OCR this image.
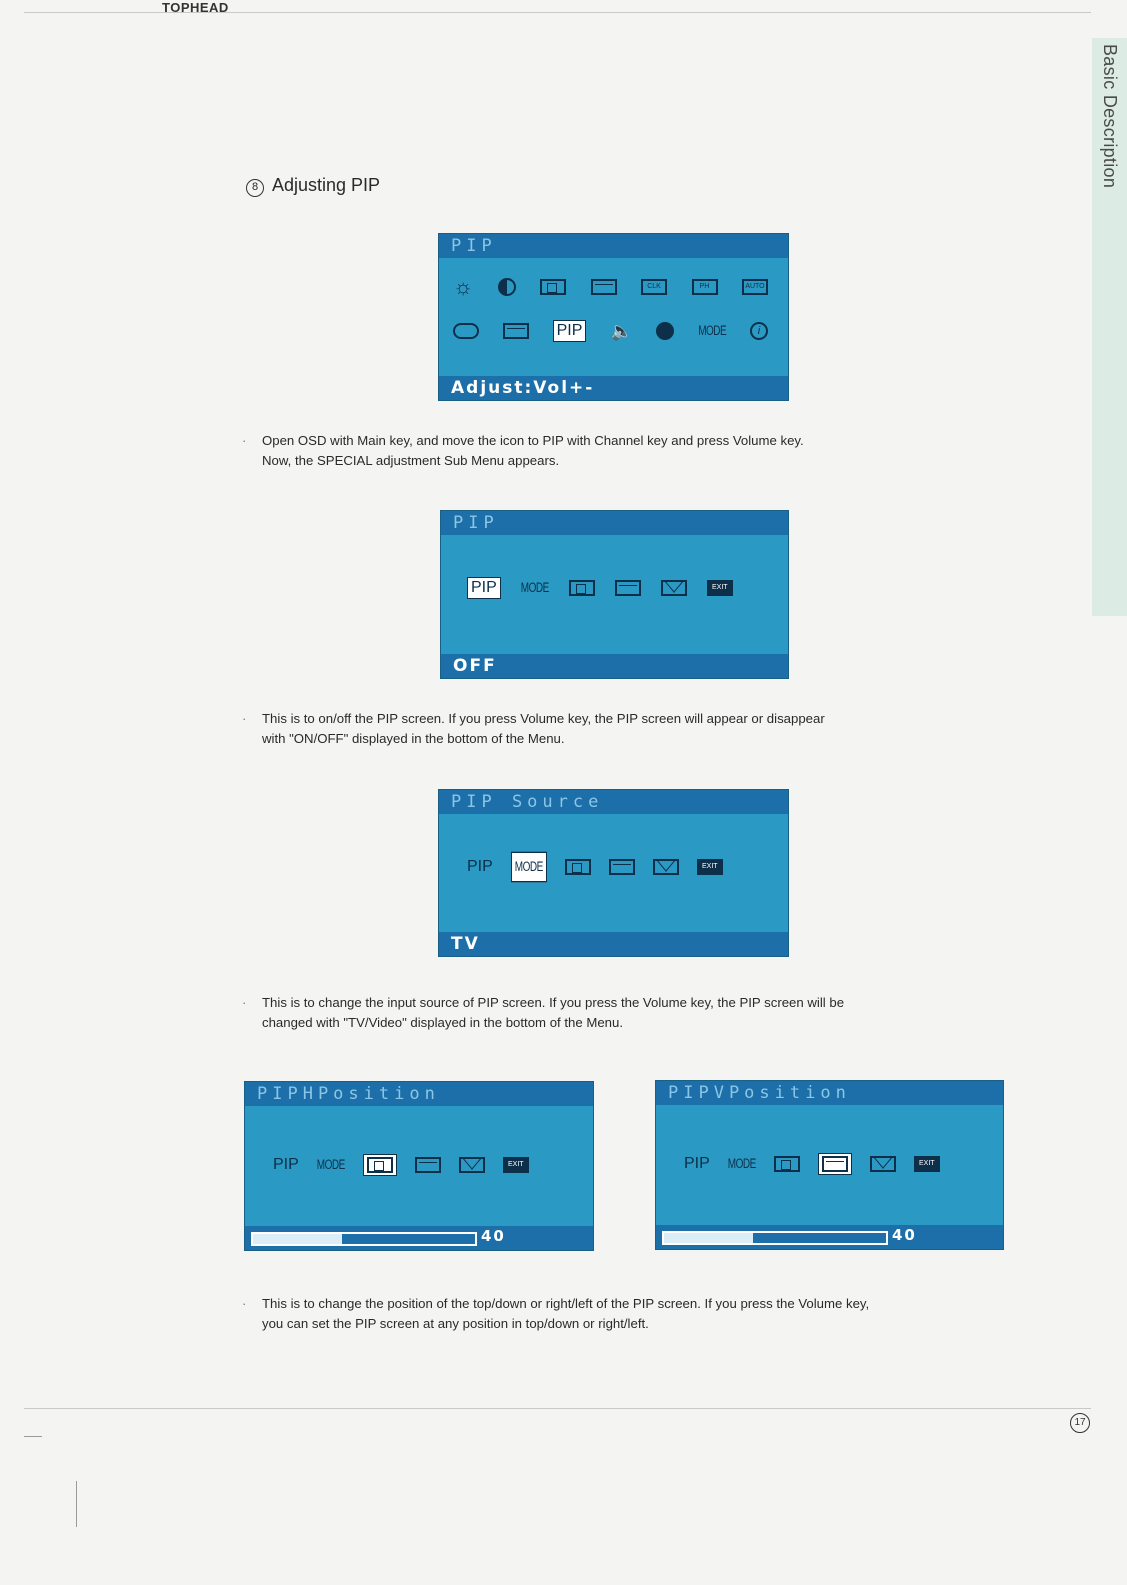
TOPHEAD
Basic Description
8 Adjusting PIP
PIP
☼	CLK	PH	AUTO
PIP 🔈	MODE	i
Adjust:Vol+-
· Open OSD with Main key, and move the icon to PIP with Channel key and press Volume key.
Now, the SPECIAL adjustment Sub Menu appears.
PIP
PIP	MODE	EXIT
OFF
· This is to on/off the PIP screen. If you press Volume key, the PIP screen will appear or disappear
with "ON/OFF" displayed in the bottom of the Menu.
PIP Source
PIP	MODE	EXIT
TV
· This is to change the input source of PIP screen. If you press the Volume key, the PIP screen will be
changed with "TV/Video" displayed in the bottom of the Menu.
PIPHPosition
PIP MODE	EXIT
40
PIPVPosition
PIP MODE	EXIT
40
· This is to change the position of the top/down or right/left of the PIP screen. If you press the Volume key,
you can set the PIP screen at any position in top/down or right/left.
17
